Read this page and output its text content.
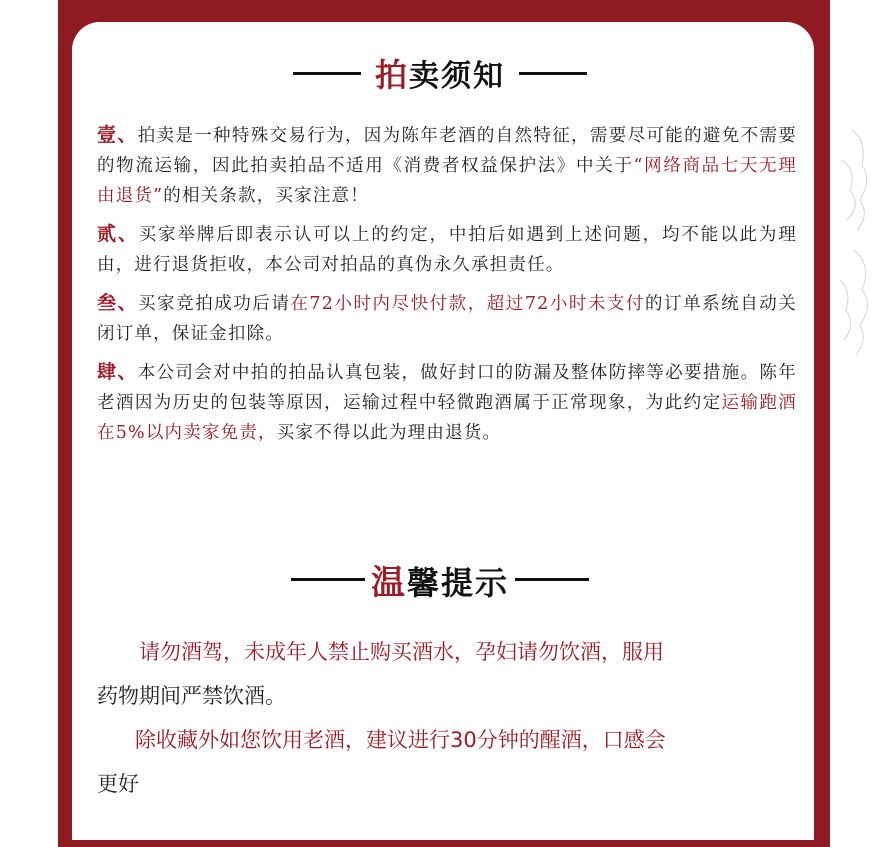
拍卖须知

壹、拍卖是一种特殊交易行为，因为陈年老酒的自然特征，需要尽可能的避免不需要的物流运输，因此拍卖拍品不适用《消费者权益保护法》中关于“网络商品七天无理由退货”的相关条款，买家注意！

贰、买家举牌后即表示认可以上的约定，中拍后如遇到上述问题，均不能以此为理由，进行退货拒收，本公司对拍品的真伪永久承担责任。

叁、买家竞拍成功后请在72小时内尽快付款，超过72小时未支付的订单系统自动关闭订单，保证金扣除。

肆、本公司会对中拍的拍品认真包装，做好封口的防漏及整体防摔等必要措施。陈年老酒因为历史的包装等原因，运输过程中轻微跑酒属于正常现象，为此约定运输跑酒在5%以内卖家免责，买家不得以此为理由退货。

温馨提示

请勿酒驾，未成年人禁止购买酒水，孕妇请勿饮酒，服用
药物期间严禁饮酒。

除收藏外如您饮用老酒，建议进行30分钟的醒酒，口感会
更好
